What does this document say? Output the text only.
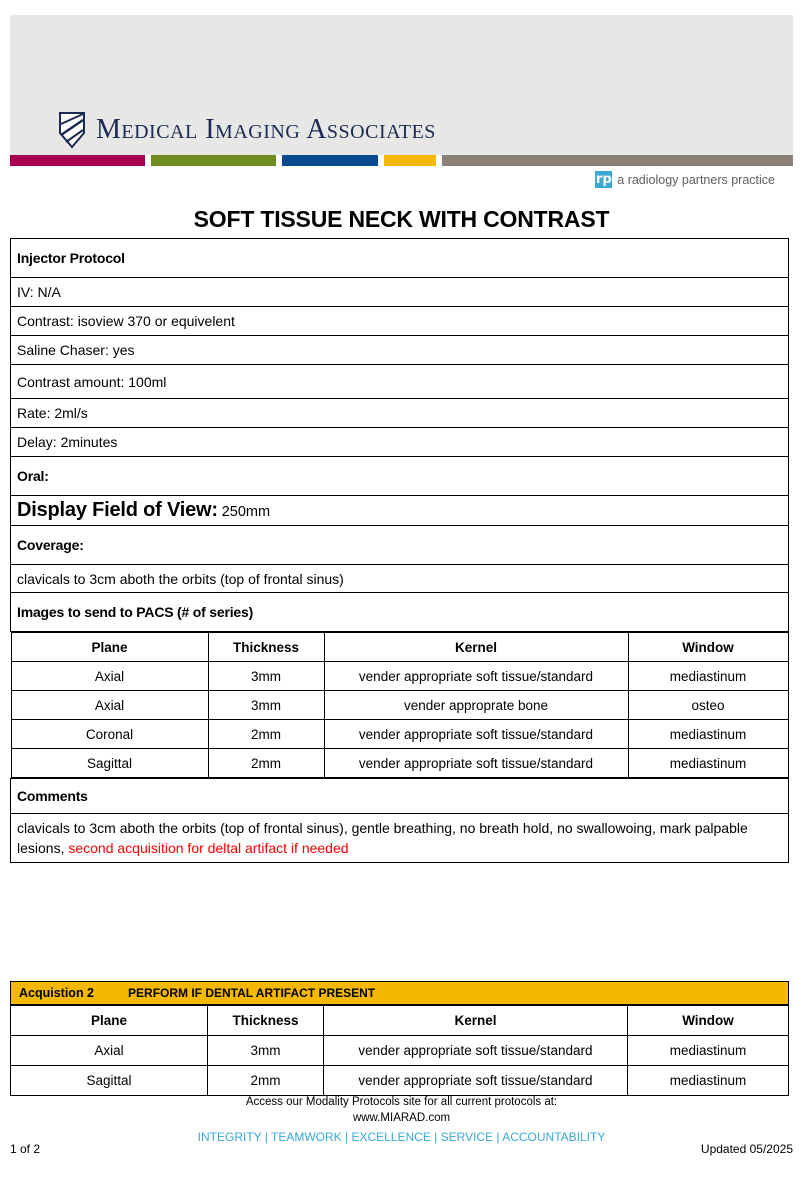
Medical Imaging Associates
rp a radiology partners practice
SOFT TISSUE NECK WITH CONTRAST
Injector Protocol
IV: N/A
Contrast: isoview 370 or equivelent
Saline Chaser: yes
Contrast amount: 100ml
Rate: 2ml/s
Delay: 2minutes
Oral:
Display Field of View: 250mm
Coverage:
clavicals to 3cm aboth the orbits (top of frontal sinus)
Images to send to PACS (# of series)

Plane	Thickness	Kernel	Window
Axial	3mm	vender appropriate soft tissue/standard	mediastinum
Axial	3mm	vender approprate bone	osteo
Coronal	2mm	vender appropriate soft tissue/standard	mediastinum
Sagittal	2mm	vender appropriate soft tissue/standard	mediastinum

Comments
clavicals to 3cm aboth the orbits (top of frontal sinus), gentle breathing, no breath hold, no swallowoing, mark palpable lesions, second acquisition for deltal artifact if needed
Acquistion 2	PERFORM IF DENTAL ARTIFACT PRESENT
Plane	Thickness	Kernel	Window
Axial	3mm	vender appropriate soft tissue/standard	mediastinum
Sagittal	2mm	vender appropriate soft tissue/standard	mediastinum
Access our Modality Protocols site for all current protocols at:
www.MIARAD.com
INTEGRITY | TEAMWORK | EXCELLENCE | SERVICE | ACCOUNTABILITY
1 of 2	Updated 05/2025
